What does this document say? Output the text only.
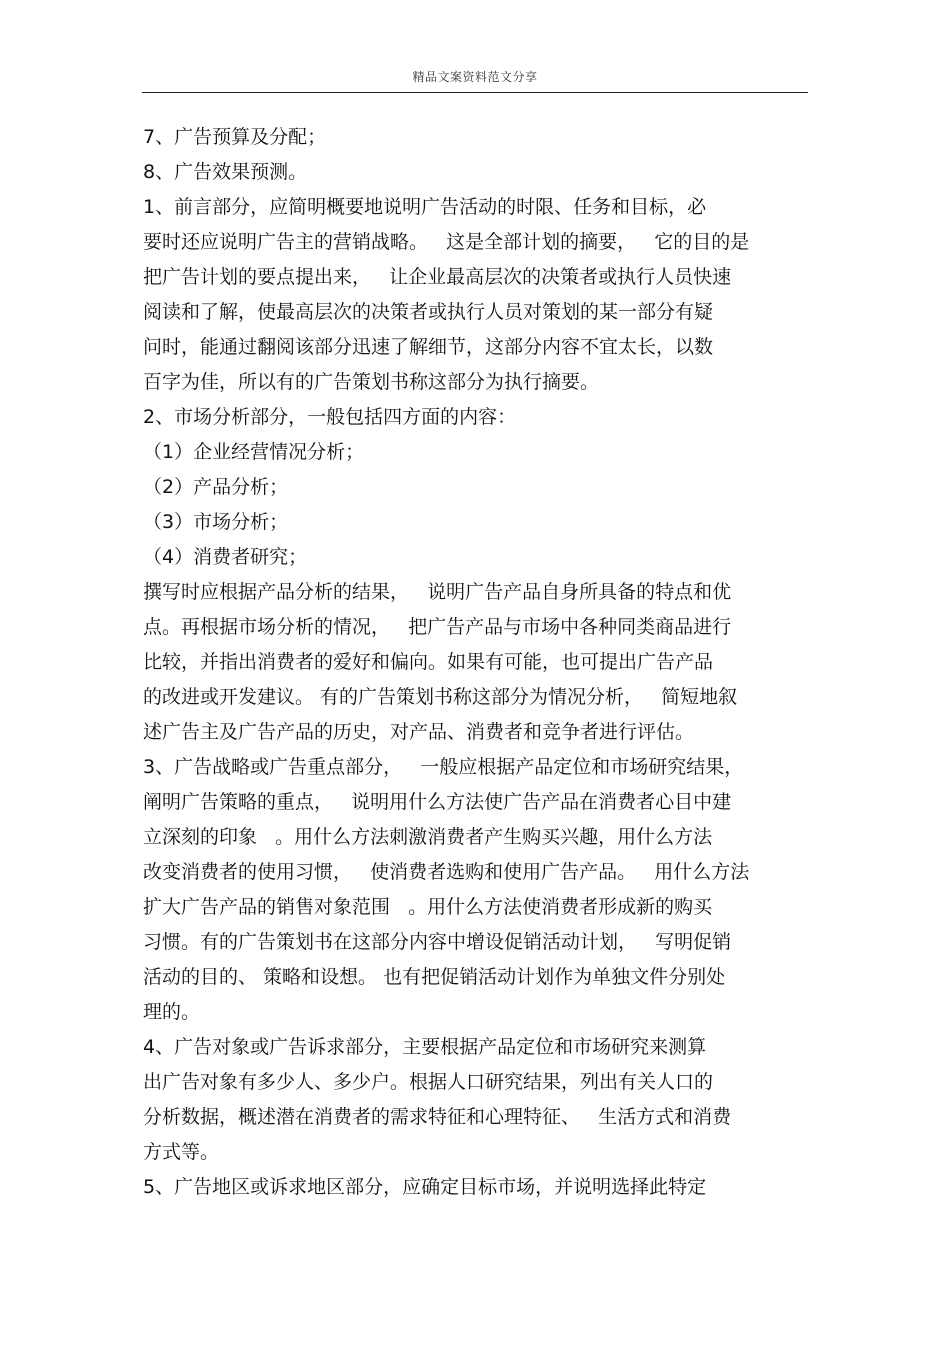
精品文案资料范文分享
7、广告预算及分配；
8、广告效果预测。
1、前言部分，应简明概要地说明广告活动的时限、任务和目标，必
要时还应说明广告主的营销战略。   这是全部计划的摘要，   它的目的是
把广告计划的要点提出来，   让企业最高层次的决策者或执行人员快速
阅读和了解，使最高层次的决策者或执行人员对策划的某一部分有疑
问时，能通过翻阅该部分迅速了解细节，这部分内容不宜太长，以数
百字为佳，所以有的广告策划书称这部分为执行摘要。
2、市场分析部分，一般包括四方面的内容：
（1）企业经营情况分析；
（2）产品分析；
（3）市场分析；
（4）消费者研究；
撰写时应根据产品分析的结果，   说明广告产品自身所具备的特点和优
点。再根据市场分析的情况，   把广告产品与市场中各种同类商品进行
比较，并指出消费者的爱好和偏向。如果有可能，也可提出广告产品
的改进或开发建议。 有的广告策划书称这部分为情况分析，   简短地叙
述广告主及广告产品的历史，对产品、消费者和竞争者进行评估。
3、广告战略或广告重点部分，   一般应根据产品定位和市场研究结果，
阐明广告策略的重点，   说明用什么方法使广告产品在消费者心目中建
立深刻的印象   。用什么方法刺激消费者产生购买兴趣，用什么方法
改变消费者的使用习惯，   使消费者选购和使用广告产品。   用什么方法
扩大广告产品的销售对象范围   。用什么方法使消费者形成新的购买
习惯。有的广告策划书在这部分内容中增设促销活动计划，   写明促销
活动的目的、 策略和设想。 也有把促销活动计划作为单独文件分别处
理的。
4、广告对象或广告诉求部分，主要根据产品定位和市场研究来测算
出广告对象有多少人、多少户。根据人口研究结果，列出有关人口的
分析数据，概述潜在消费者的需求特征和心理特征、   生活方式和消费
方式等。
5、广告地区或诉求地区部分，应确定目标市场，并说明选择此特定
